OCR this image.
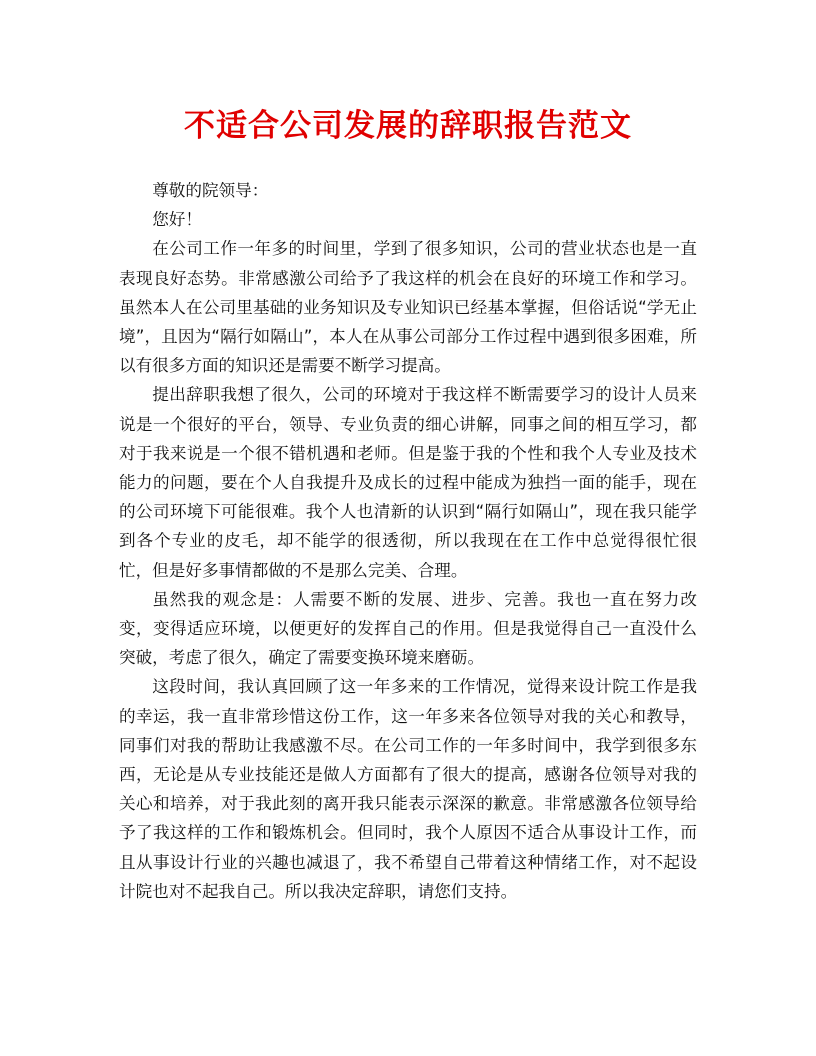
不适合公司发展的辞职报告范文

尊敬的院领导：

您好！

在公司工作一年多的时间里，学到了很多知识，公司的营业状态也是一直表现良好态势。非常感激公司给予了我这样的机会在良好的环境工作和学习。虽然本人在公司里基础的业务知识及专业知识已经基本掌握，但俗话说“学无止境”，且因为“隔行如隔山”，本人在从事公司部分工作过程中遇到很多困难，所以有很多方面的知识还是需要不断学习提高。

提出辞职我想了很久，公司的环境对于我这样不断需要学习的设计人员来说是一个很好的平台，领导、专业负责的细心讲解，同事之间的相互学习，都对于我来说是一个很不错机遇和老师。但是鉴于我的个性和我个人专业及技术能力的问题，要在个人自我提升及成长的过程中能成为独挡一面的能手，现在的公司环境下可能很难。我个人也清新的认识到“隔行如隔山”，现在我只能学到各个专业的皮毛，却不能学的很透彻，所以我现在在工作中总觉得很忙很忙，但是好多事情都做的不是那么完美、合理。

虽然我的观念是：人需要不断的发展、进步、完善。我也一直在努力改变，变得适应环境，以便更好的发挥自己的作用。但是我觉得自己一直没什么突破，考虑了很久，确定了需要变换环境来磨砺。

这段时间，我认真回顾了这一年多来的工作情况，觉得来设计院工作是我的幸运，我一直非常珍惜这份工作，这一年多来各位领导对我的关心和教导，同事们对我的帮助让我感激不尽。在公司工作的一年多时间中，我学到很多东西，无论是从专业技能还是做人方面都有了很大的提高，感谢各位领导对我的关心和培养，对于我此刻的离开我只能表示深深的歉意。非常感激各位领导给予了我这样的工作和锻炼机会。但同时，我个人原因不适合从事设计工作，而且从事设计行业的兴趣也减退了，我不希望自己带着这种情绪工作，对不起设计院也对不起我自己。所以我决定辞职，请您们支持。
